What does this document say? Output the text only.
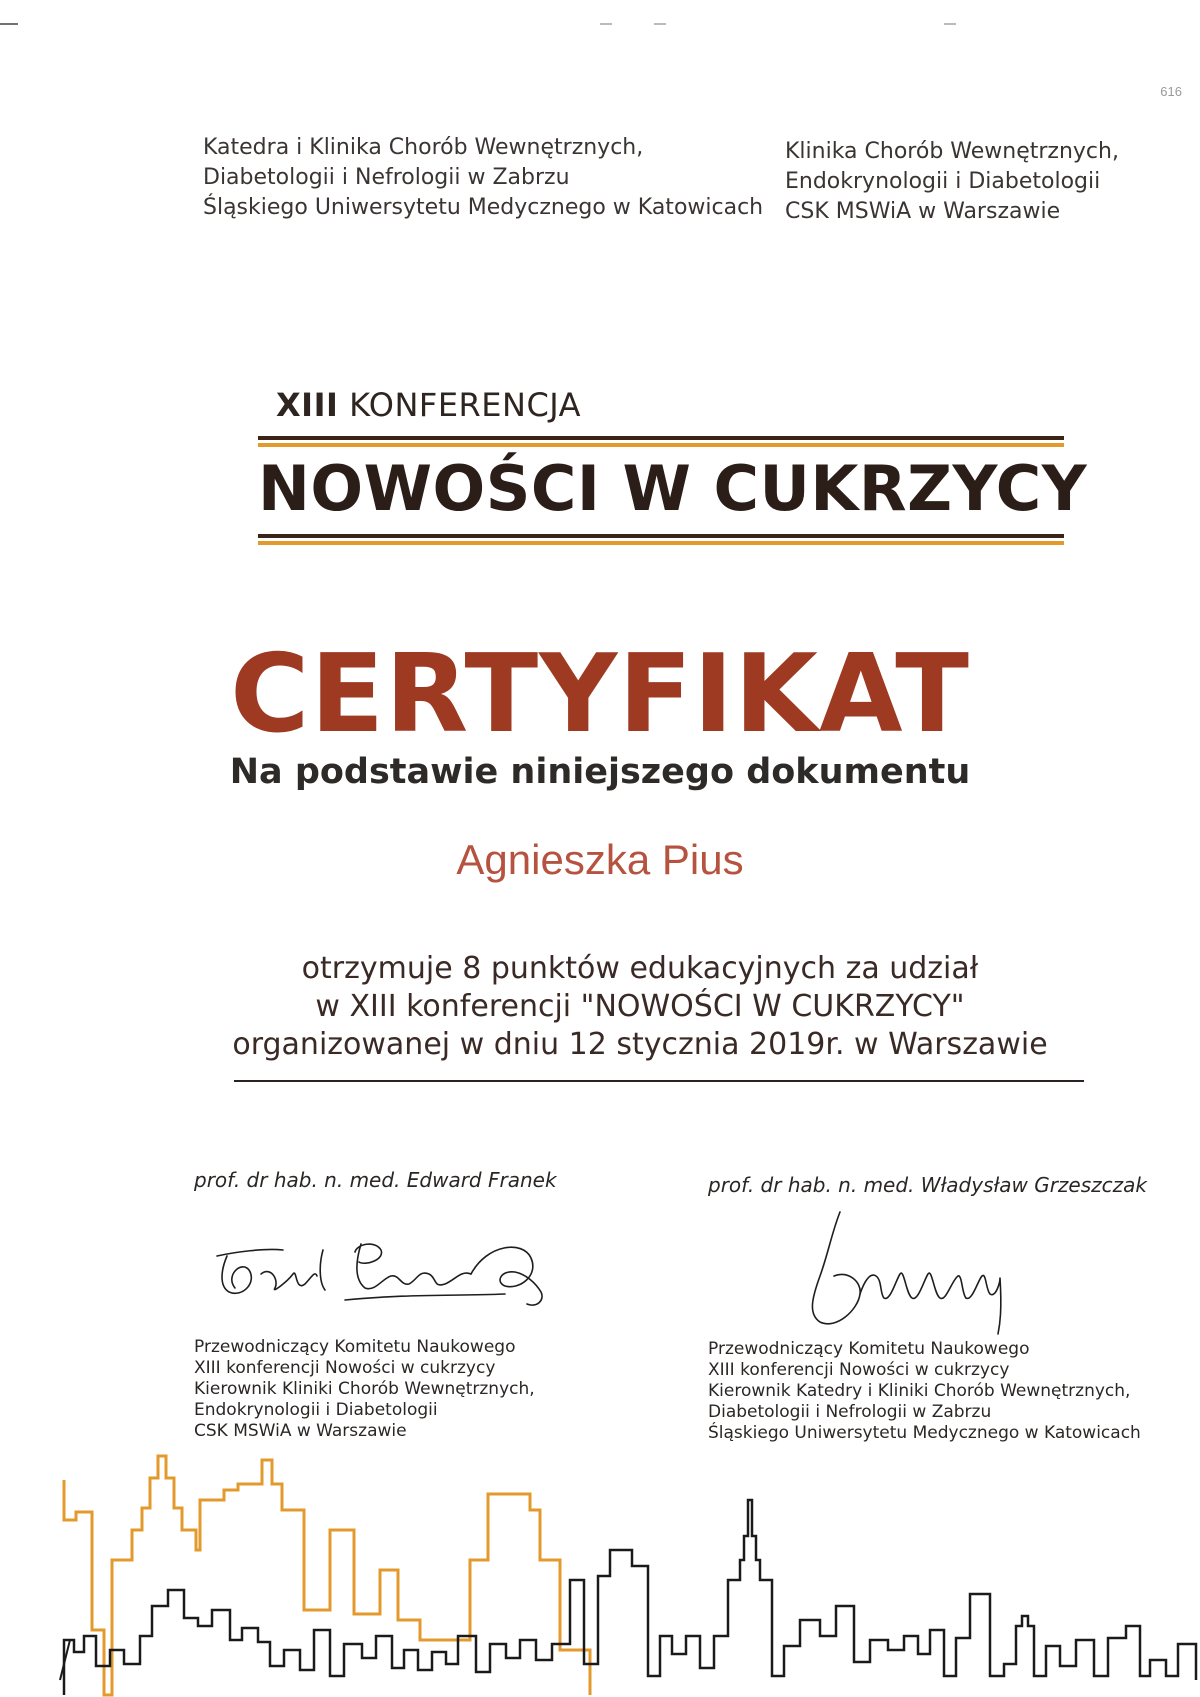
616
Katedra i Klinika Chorób Wewnętrznych,
Diabetologii i Nefrologii w Zabrzu
Śląskiego Uniwersytetu Medycznego w Katowicach
Klinika Chorób Wewnętrznych,
Endokrynologii i Diabetologii
CSK MSWiA w Warszawie
XIII KONFERENCJA
NOWOŚCI W CUKRZYCY
CERTYFIKAT
Na podstawie niniejszego dokumentu
Agnieszka Pius
otrzymuje 8 punktów edukacyjnych za udział
w XIII konferencji "NOWOŚCI W CUKRZYCY"
organizowanej w dniu 12 stycznia 2019r. w Warszawie
prof. dr hab. n. med. Edward Franek	prof. dr hab. n. med. Władysław Grzeszczak
Przewodniczący Komitetu Naukowego
XIII konferencji Nowości w cukrzycy
Kierownik Kliniki Chorób Wewnętrznych,
Endokrynologii i Diabetologii
CSK MSWiA w Warszawie
Przewodniczący Komitetu Naukowego
XIII konferencji Nowości w cukrzycy
Kierownik Katedry i Kliniki Chorób Wewnętrznych,
Diabetologii i Nefrologii w Zabrzu
Śląskiego Uniwersytetu Medycznego w Katowicach
